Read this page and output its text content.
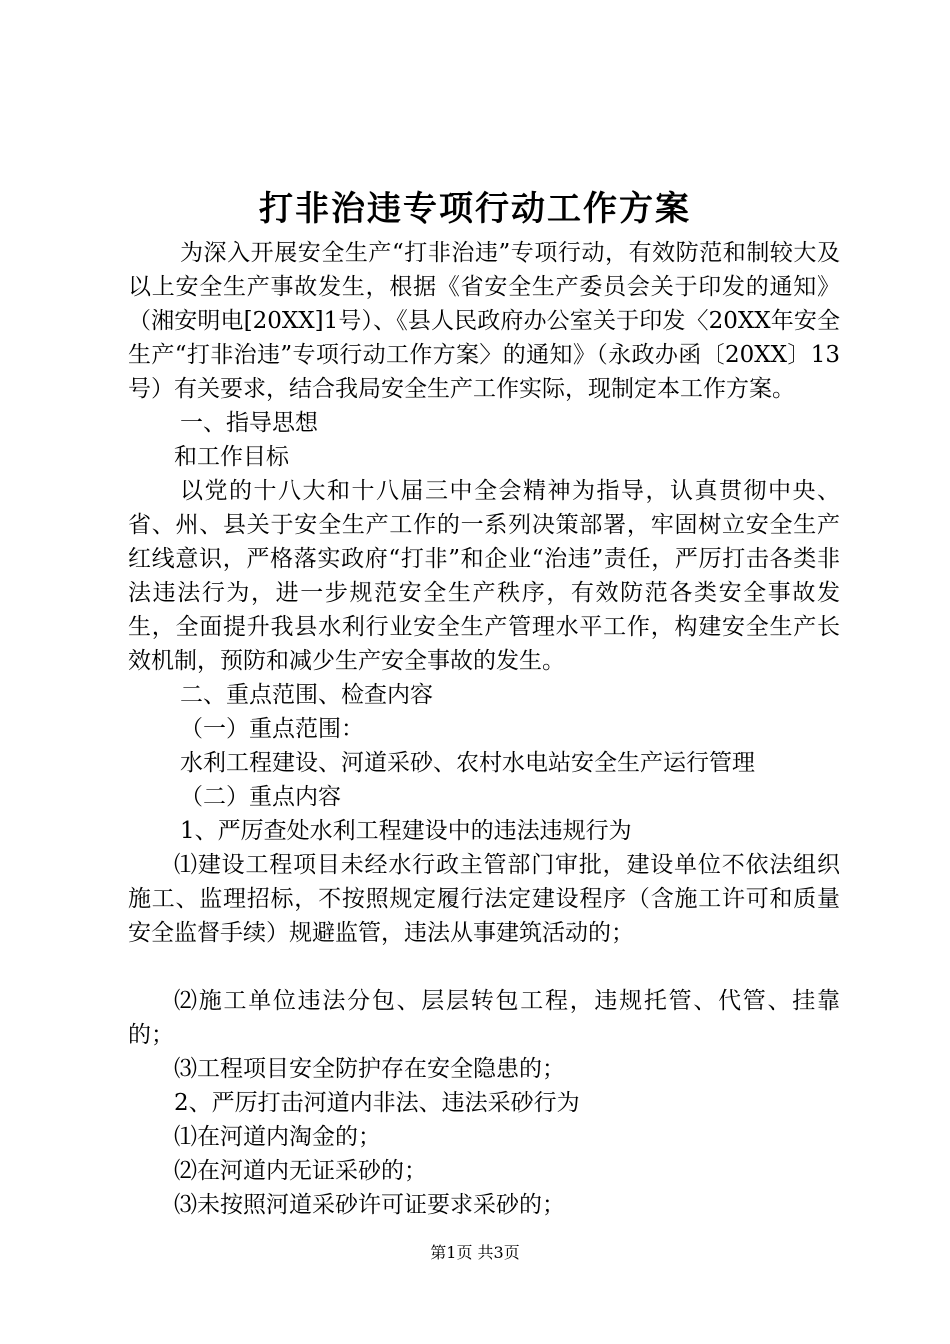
打非治违专项行动工作方案

为深入开展安全生产“打非治违”专项行动，有效防范和制较大及以上安全生产事故发生，根据《省安全生产委员会关于印发的通知》（湘安明电[20XX]1号）、《县人民政府办公室关于印发〈20XX年安全生产“打非治违”专项行动工作方案〉的通知》（永政办函〔20XX〕13号）有关要求，结合我局安全生产工作实际，现制定本工作方案。

一、指导思想

和工作目标

以党的十八大和十八届三中全会精神为指导，认真贯彻中央、省、州、县关于安全生产工作的一系列决策部署，牢固树立安全生产红线意识，严格落实政府“打非”和企业“治违”责任，严厉打击各类非法违法行为，进一步规范安全生产秩序，有效防范各类安全事故发生，全面提升我县水利行业安全生产管理水平工作，构建安全生产长效机制，预防和减少生产安全事故的发生。

二、重点范围、检查内容

（一）重点范围：

水利工程建设、河道采砂、农村水电站安全生产运行管理

（二）重点内容

1、严厉查处水利工程建设中的违法违规行为

⑴建设工程项目未经水行政主管部门审批，建设单位不依法组织施工、监理招标，不按照规定履行法定建设程序（含施工许可和质量安全监督手续）规避监管，违法从事建筑活动的；

⑵施工单位违法分包、层层转包工程，违规托管、代管、挂靠的；

⑶工程项目安全防护存在安全隐患的；

2、严厉打击河道内非法、违法采砂行为

⑴在河道内淘金的；

⑵在河道内无证采砂的；

⑶未按照河道采砂许可证要求采砂的；

第1页 共3页
